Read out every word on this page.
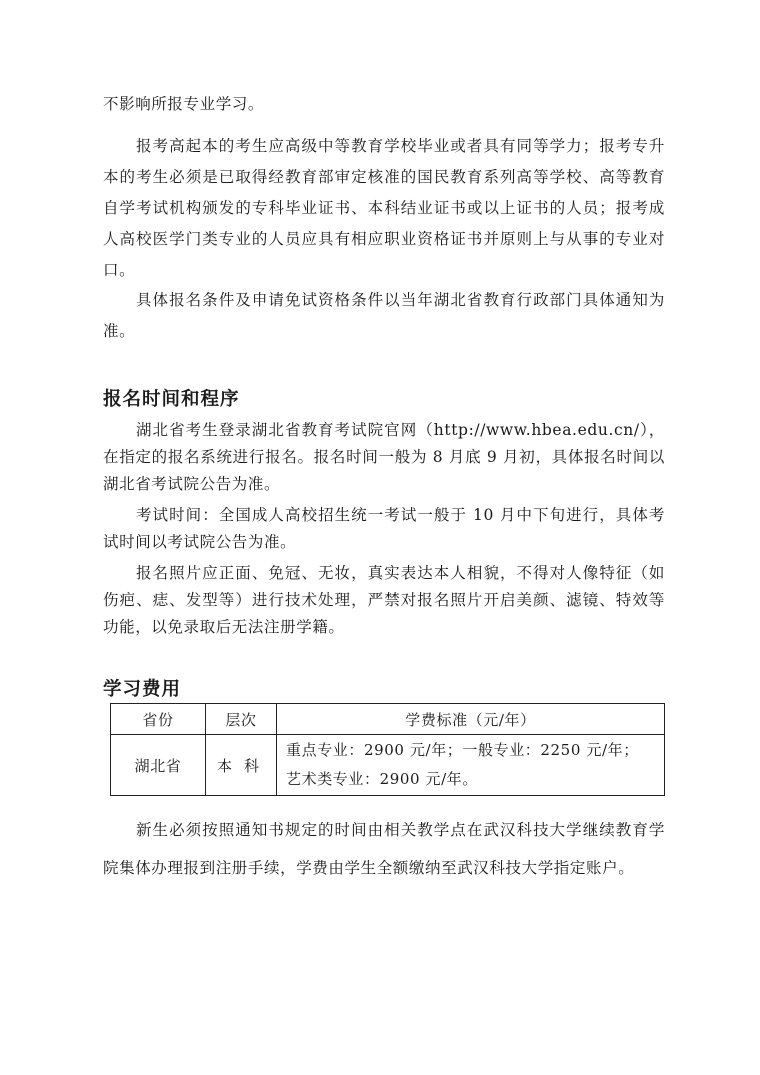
不影响所报专业学习。

报考高起本的考生应高级中等教育学校毕业或者具有同等学力；报考专升本的考生必须是已取得经教育部审定核准的国民教育系列高等学校、高等教育自学考试机构颁发的专科毕业证书、本科结业证书或以上证书的人员；报考成人高校医学门类专业的人员应具有相应职业资格证书并原则上与从事的专业对口。

具体报名条件及申请免试资格条件以当年湖北省教育行政部门具体通知为准。

报名时间和程序

湖北省考生登录湖北省教育考试院官网（http://www.hbea.edu.cn/），在指定的报名系统进行报名。报名时间一般为 8 月底 9 月初，具体报名时间以湖北省考试院公告为准。

考试时间：全国成人高校招生统一考试一般于 10 月中下旬进行，具体考试时间以考试院公告为准。

报名照片应正面、免冠、无妆，真实表达本人相貌，不得对人像特征（如伤疤、痣、发型等）进行技术处理，严禁对报名照片开启美颜、滤镜、特效等功能，以免录取后无法注册学籍。

学习费用
省份	层次	学费标准（元/年）
湖北省	本科	重点专业：2900 元/年；一般专业：2250 元/年；
艺术类专业：2900 元/年。

新生必须按照通知书规定的时间由相关教学点在武汉科技大学继续教育学院集体办理报到注册手续，学费由学生全额缴纳至武汉科技大学指定账户。
